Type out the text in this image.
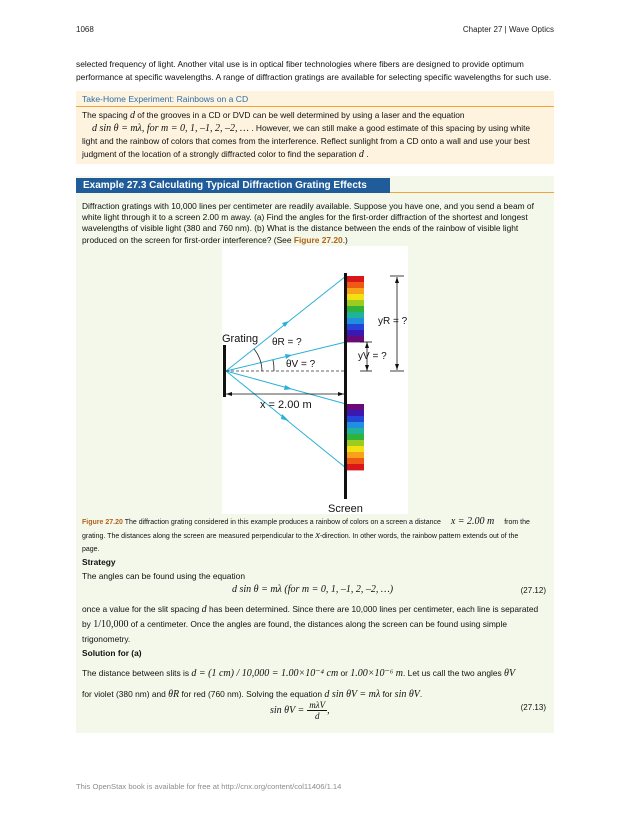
1068	Chapter 27 | Wave Optics
selected frequency of light. Another vital use is in optical fiber technologies where fibers are designed to provide optimum
performance at specific wavelengths. A range of diffraction gratings are available for selecting specific wavelengths for such use.
Take-Home Experiment: Rainbows on a CD
The spacing d of the grooves in a CD or DVD can be well determined by using a laser and the equation
d sin θ = mλ, for m = 0, 1, –1, 2, –2, … . However, we can still make a good estimate of this spacing by using white
light and the rainbow of colors that comes from the interference. Reflect sunlight from a CD onto a wall and use your best
judgment of the location of a strongly diffracted color to find the separation d .
Example 27.3 Calculating Typical Diffraction Grating Effects
Diffraction gratings with 10,000 lines per centimeter are readily available. Suppose you have one, and you send a beam of
white light through it to a screen 2.00 m away. (a) Find the angles for the first-order diffraction of the shortest and longest
wavelengths of visible light (380 and 760 nm). (b) What is the distance between the ends of the rainbow of visible light
produced on the screen for first-order interference? (See Figure 27.20.)
Grating θR = ?
θV = ?
yR = ?
yV = ?
x = 2.00 m
Screen
Figure 27.20 The diffraction grating considered in this example produces a rainbow of colors on a screen a distance x = 2.00 m from the
grating. The distances along the screen are measured perpendicular to the x-direction. In other words, the rainbow pattern extends out of the
page.
Strategy
The angles can be found using the equation
d sin θ = mλ (for m = 0, 1, –1, 2, –2, …)	(27.12)
once a value for the slit spacing d has been determined. Since there are 10,000 lines per centimeter, each line is separated
by 1/10,000 of a centimeter. Once the angles are found, the distances along the screen can be found using simple
trigonometry.
Solution for (a)
The distance between slits is d = (1 cm) / 10,000 = 1.00×10⁻⁴ cm or 1.00×10⁻⁶ m. Let us call the two angles θV
for violet (380 nm) and θR for red (760 nm). Solving the equation d sin θV = mλ for sin θV.
sin θV = mλV
d ,	(27.13)
This OpenStax book is available for free at http://cnx.org/content/col11406/1.14
